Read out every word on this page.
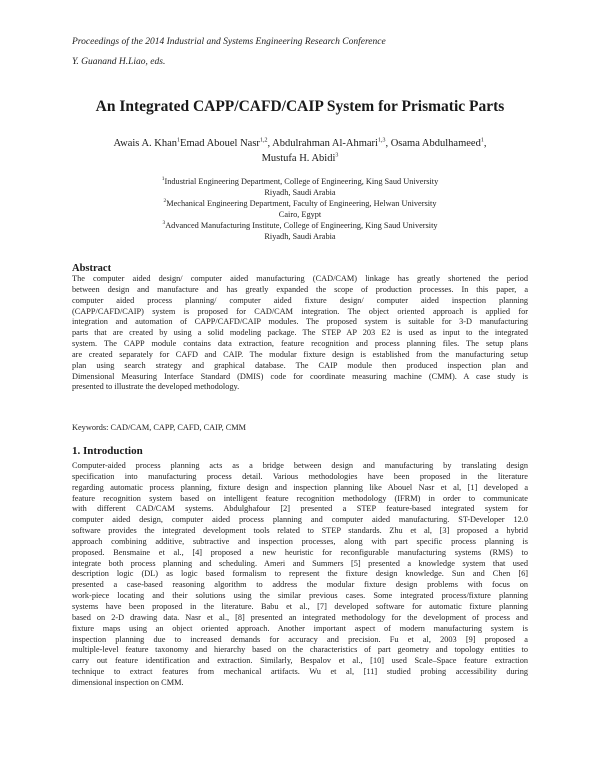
Proceedings of the 2014 Industrial and Systems Engineering Research Conference
Y. Guanand H.Liao, eds.
An Integrated CAPP/CAFD/CAIP System for Prismatic Parts
Awais A. Khan$^1$Emad Abouel Nasr$^{1,2}$, Abdulrahman Al-Ahmari$^{1,3}$, Osama Abdulhameed$^1$,
Mustufa H. Abidi$^3$
$^1$Industrial Engineering Department, College of Engineering, King Saud University
Riyadh, Saudi Arabia
$^2$Mechanical Engineering Department, Faculty of Engineering, Helwan University
Cairo, Egypt
$^3$Advanced Manufacturing Institute, College of Engineering, King Saud University
Riyadh, Saudi Arabia
Abstract
The computer aided design/ computer aided manufacturing (CAD/CAM) linkage has greatly shortened the period
between design and manufacture and has greatly expanded the scope of production processes. In this paper, a
computer aided process planning/ computer aided fixture design/ computer aided inspection planning
(CAPP/CAFD/CAIP) system is proposed for CAD/CAM integration. The object oriented approach is applied for
integration and automation of CAPP/CAFD/CAIP modules. The proposed system is suitable for 3-D manufacturing
parts that are created by using a solid modeling package. The STEP AP 203 E2 is used as input to the integrated
system. The CAPP module contains data extraction, feature recognition and process planning files. The setup plans
are created separately for CAFD and CAIP. The modular fixture design is established from the manufacturing setup
plan using search strategy and graphical database. The CAIP module then produced inspection plan and
Dimensional Measuring Interface Standard (DMIS) code for coordinate measuring machine (CMM). A case study is
presented to illustrate the developed methodology.
Keywords: CAD/CAM, CAPP, CAFD, CAIP, CMM
1. Introduction
Computer-aided process planning acts as a bridge between design and manufacturing by translating design
specification into manufacturing process detail. Various methodologies have been proposed in the literature
regarding automatic process planning, fixture design and inspection planning like Abouel Nasr et al, [1] developed a
feature recognition system based on intelligent feature recognition methodology (IFRM) in order to communicate
with different CAD/CAM systems. Abdulghafour [2] presented a STEP feature-based integrated system for
computer aided design, computer aided process planning and computer aided manufacturing. ST-Developer 12.0
software provides the integrated development tools related to STEP standards. Zhu et al, [3] proposed a hybrid
approach combining additive, subtractive and inspection processes, along with part specific process planning is
proposed. Bensmaine et al., [4] proposed a new heuristic for reconfigurable manufacturing systems (RMS) to
integrate both process planning and scheduling. Ameri and Summers [5] presented a knowledge system that used
description logic (DL) as logic based formalism to represent the fixture design knowledge. Sun and Chen [6]
presented a case-based reasoning algorithm to address the modular fixture design problems with focus on
work-piece locating and their solutions using the similar previous cases. Some integrated process/fixture planning
systems have been proposed in the literature. Babu et al., [7] developed software for automatic fixture planning
based on 2-D drawing data. Nasr et al., [8] presented an integrated methodology for the development of process and
fixture maps using an object oriented approach. Another important aspect of modern manufacturing system is
inspection planning due to increased demands for accuracy and precision. Fu et al, 2003 [9] proposed a
multiple-level feature taxonomy and hierarchy based on the characteristics of part geometry and topology entities to
carry out feature identification and extraction. Similarly, Bespalov et al., [10] used Scale–Space feature extraction
technique to extract features from mechanical artifacts. Wu et al, [11] studied probing accessibility during
dimensional inspection on CMM.
